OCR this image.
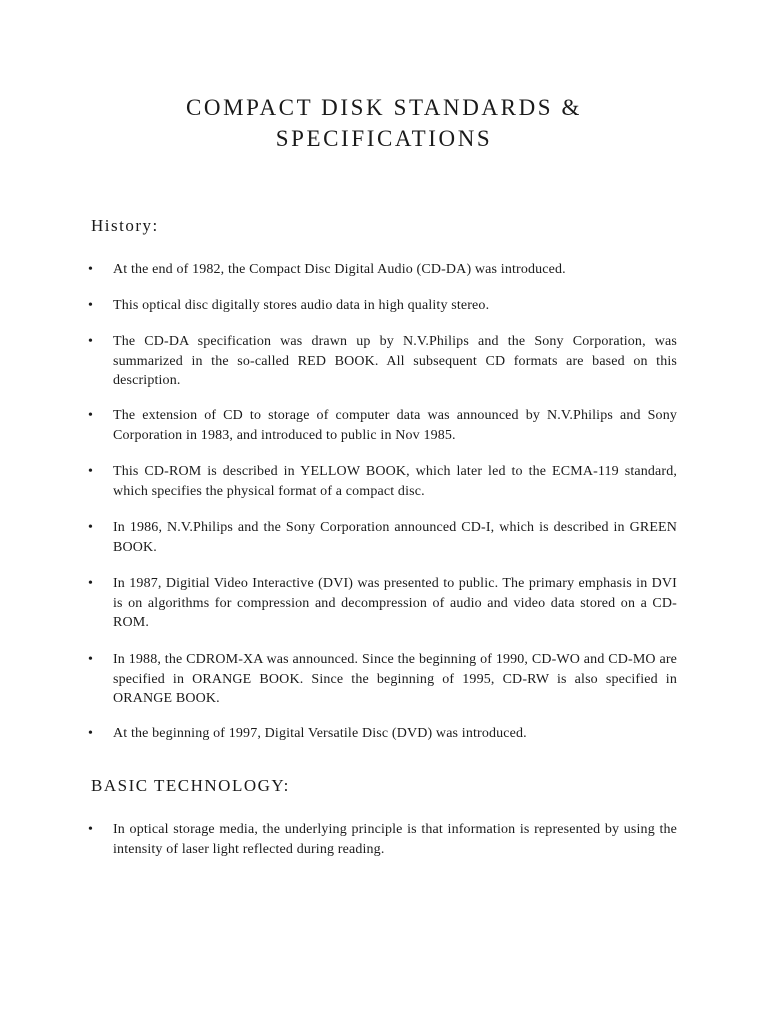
COMPACT DISK STANDARDS &
SPECIFICATIONS
History:
• At the end of 1982, the Compact Disc Digital Audio (CD-DA) was introduced.
• This optical disc digitally stores audio data in high quality stereo.
• The CD-DA specification was drawn up by N.V.Philips and the Sony Corporation, was summarized in the so-called RED BOOK. All subsequent CD formats are based on this description.
• The extension of CD to storage of computer data was announced by N.V.Philips and Sony Corporation in 1983, and introduced to public in Nov 1985.
• This CD-ROM is described in YELLOW BOOK, which later led to the ECMA-119 standard, which specifies the physical format of a compact disc.
• In 1986, N.V.Philips and the Sony Corporation announced CD-I, which is described in GREEN BOOK.
• In 1987, Digitial Video Interactive (DVI) was presented to public. The primary emphasis in DVI is on algorithms for compression and decompression of audio and video data stored on a CD-ROM.
• In 1988, the CDROM-XA was announced. Since the beginning of 1990, CD-WO and CD-MO are specified in ORANGE BOOK. Since the beginning of 1995, CD-RW is also specified in ORANGE BOOK.
• At the beginning of 1997, Digital Versatile Disc (DVD) was introduced.
BASIC TECHNOLOGY:
• In optical storage media, the underlying principle is that information is represented by using the intensity of laser light reflected during reading.
